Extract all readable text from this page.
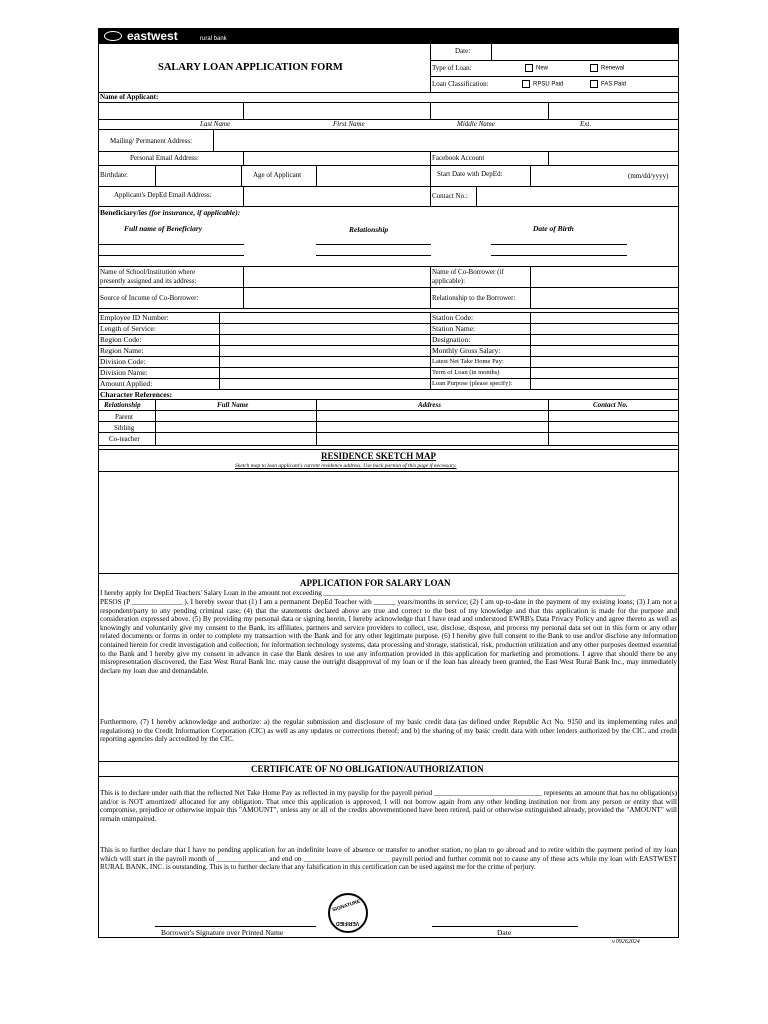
eastwest	rural bank
SALARY LOAN APPLICATION FORM
Date:
Type of Loan:	New	Renewal
Loan Classification:	RPSU Paid	FAS Paid
Name of Applicant:
Last Name	First Name	Middle Name	Ext.
Mailing/ Permanent Address:
Personal Email Address:	Facebook Account
Birthdate:	Age of Applicant	Start Date with DepEd:	(mm/dd/yyyy)
Applicant's DepEd Email Address:	Contact No.:
Beneficiary/ies (for insurance, if applicable):
Full name of Beneficiary	Relationship	Date of Birth
Name of School/Institution where
presently assigned and its address:
Name of Co-Borrower (if
applicable):
Source of Income of Co-Borrower:	Relationship to the Borrower:
Employee ID Number:	Station Code:
Length of Service:	Station Name:
Region Code:	Designation:
Region Name:	Monthly Gross Salary:
Division Code:	Latest Net Take Home Pay:
Division Name:	Term of Loan (in months)
Amount Applied:	Loan Purpose (please specify):
Character References:
Relationship	Full Name	Address	Contact No.
Parent
Sibling
Co-teacher
RESIDENCE SKETCH MAP
Sketch map to loan applicant's current residence address. Use back portion of this page if necessary.
APPLICATION FOR SALARY LOAN
I hereby apply for DepEd Teachers' Salary Loan in the amount not exceeding ____________________________________________________________________________________
PESOS (P ______________ ). I hereby swear that (1) I am a permanent DepEd Teacher with ______ years/months in service; (2) I am up-to-date in the payment of my existing loans; (3) I am not a respondent/party to any pending criminal case; (4) that the statements declared above are true and correct to the best of my knowledge and that this application is made for the purpose and consideration expressed above. (5) By providing my personal data or signing herein, I hereby acknowledge that I have read and understood EWRB's Data Privacy Policy and agree thereto as well as knowingly and voluntarily give my consent to the Bank, its affiliates, partners and service providers to collect, use, disclose, dispose, and process my personal data set out in this form or any other related documents or forms in order to complete my transaction with the Bank and for any other legitimate purpose. (6) I hereby give full consent to the Bank to use and/or disclose any information contained herein for credit investigation and collection, for information technology systems, data processing and storage, statistical, risk, production utilization and any other purposes deemed essential to the Bank and I hereby give my consent in advance in case the Bank desires to use any information provided in this application for marketing and promotions. I agree that should there be any misrepresentation discovered, the East West Rural Bank Inc. may cause the outright disapproval of my loan or if the loan has already been granted, the East West Rural Bank Inc., may immediately declare my loan due and demandable.
Furthermore, (7) I hereby acknowledge and authorize: a) the regular submission and disclosure of my basic credit data (as defined under Republic Act No. 9150 and its implementing rules and regulations) to the Credit Information Corporation (CIC) as well as any updates or corrections thereof; and b) the sharing of my basic credit data with other lenders authorized by the CIC, and credit reporting agencies duly accredited by the CIC.
CERTIFICATE OF NO OBLIGATION/AUTHORIZATION
This is to declare under oath that the reflected Net Take Home Pay as reflected in my payslip for the payroll period ______________________________ represents an amount that has no obligation(s) and/or is NOT amortized/ allocated for any obligation. That once this application is approved, I will not borrow again from any other lending institution nor from any person or entity that will compromise, prejudice or otherwise impair this "AMOUNT", unless any or all of the credits abovementioned have been retired, paid or otherwise extinguished already, provided the "AMOUNT" will remain unimpaired.
This is to further declare that I have no pending application for an indefinite leave of absence or transfer to another station, no plan to go abroad and to retire within the payment period of my loan which will start in the payroll month of ______________ and end on ________________________ payroll period and further commit not to cause any of these acts while my loan with EASTWEST RURAL BANK, INC. is outstanding. This is to further declare that any falsification in this certification can be used against me for the crime of perjury.
Borrower's Signature over Printed Name	Date
SIGNATURE
VERIFIED
v.09262024
